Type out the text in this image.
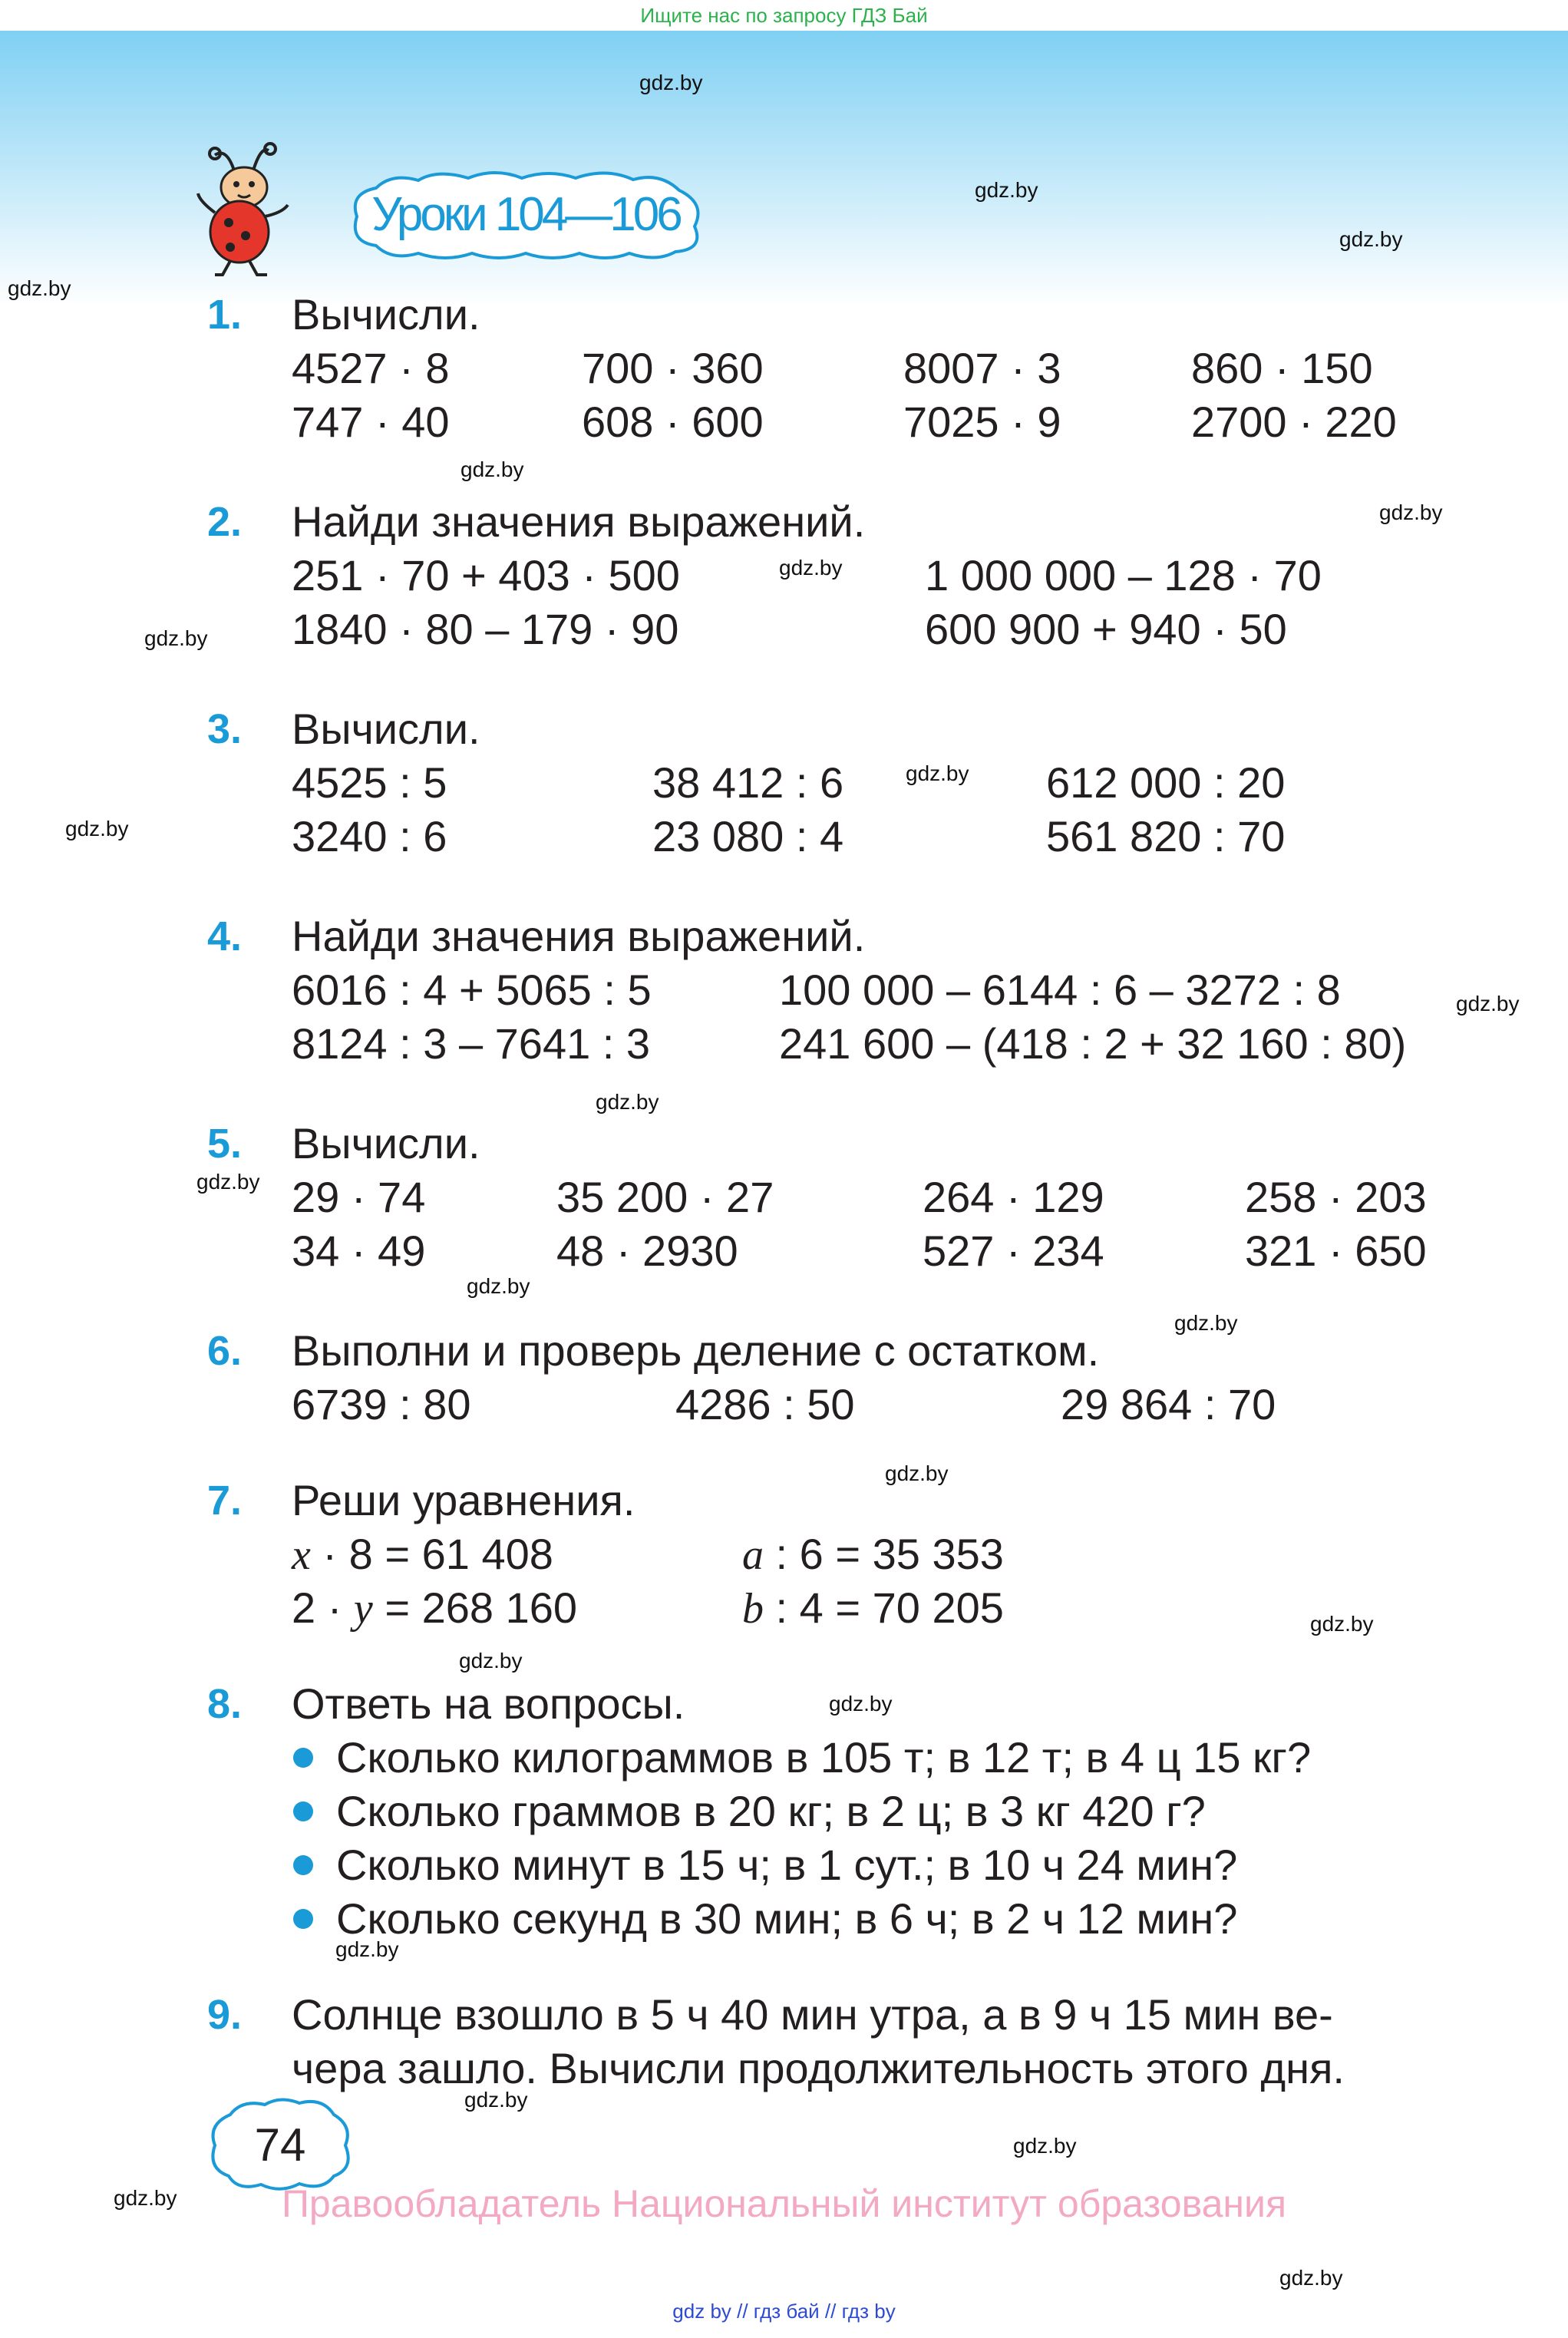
Ищите нас по запросу ГДЗ Бай
gdz.by
gdz.by
gdz.by
gdz.by
gdz.by
gdz.by
gdz.by
gdz.by
gdz.by
gdz.by
gdz.by
gdz.by
gdz.by
gdz.by
gdz.by
gdz.by
gdz.by
gdz.by
gdz.by
gdz.by
gdz.by
gdz.by
gdz.by
gdz.by
Уроки 104—106
1.	Вычисли.
4527 · 8	700 · 360	8007 · 3	860 · 150
747 · 40	608 · 600	7025 · 9	2700 · 220
2.	Найди значения выражений.
251 · 70 + 403 · 500	1 000 000 – 128 · 70
1840 · 80 – 179 · 90	600 900 + 940 · 50
3.	Вычисли.
4525 : 5	38 412 : 6	612 000 : 20
3240 : 6	23 080 : 4	561 820 : 70
4.	Найди значения выражений.
6016 : 4 + 5065 : 5	100 000 – 6144 : 6 – 3272 : 8
8124 : 3 – 7641 : 3	241 600 – (418 : 2 + 32 160 : 80)
5.	Вычисли.
29 · 74	35 200 · 27	264 · 129	258 · 203
34 · 49	48 · 2930	527 · 234	321 · 650
6.	Выполни и проверь деление с остатком.
6739 : 80	4286 : 50	29 864 : 70
7.	Реши уравнения.
x · 8 = 61 408	a : 6 = 35 353
2 · y = 268 160	b : 4 = 70 205
8.	Ответь на вопросы.
Сколько килограммов в 105 т; в 12 т; в 4 ц 15 кг?
Сколько граммов в 20 кг; в 2 ц; в 3 кг 420 г?
Сколько минут в 15 ч; в 1 сут.; в 10 ч 24 мин?
Сколько секунд в 30 мин; в 6 ч; в 2 ч 12 мин?
9.	Солнце взошло в 5 ч 40 мин утра, а в 9 ч 15 мин ве-
чера зашло. Вычисли продолжительность этого дня.
74
Правообладатель Национальный институт образования
gdz by // гдз бай // гдз by
